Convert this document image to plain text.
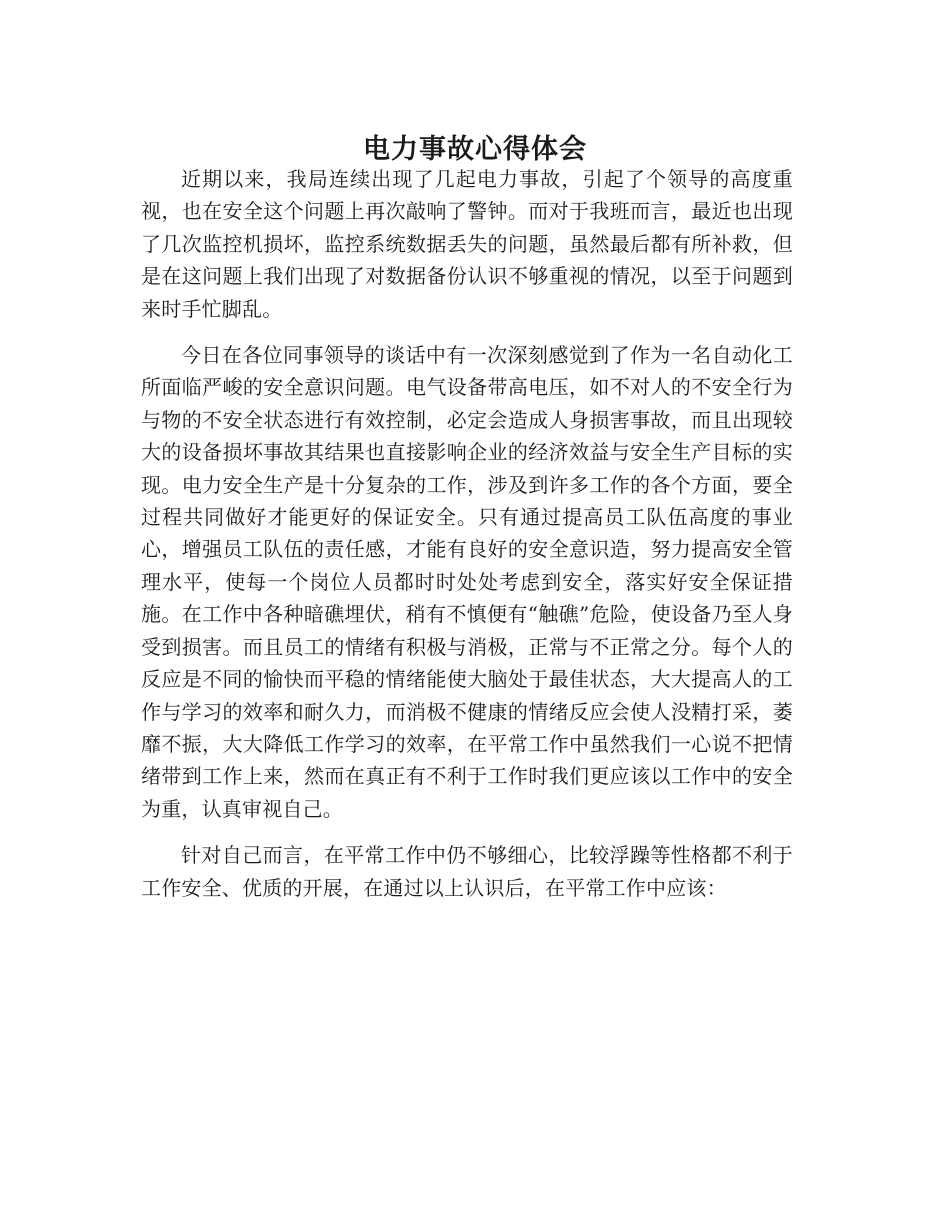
电力事故心得体会

近期以来，我局连续出现了几起电力事故，引起了个领导的高度重视，也在安全这个问题上再次敲响了警钟。而对于我班而言，最近也出现了几次监控机损坏，监控系统数据丢失的问题，虽然最后都有所补救，但是在这问题上我们出现了对数据备份认识不够重视的情况，以至于问题到来时手忙脚乱。

今日在各位同事领导的谈话中有一次深刻感觉到了作为一名自动化工所面临严峻的安全意识问题。电气设备带高电压，如不对人的不安全行为与物的不安全状态进行有效控制，必定会造成人身损害事故，而且出现较大的设备损坏事故其结果也直接影响企业的经济效益与安全生产目标的实现。电力安全生产是十分复杂的工作，涉及到许多工作的各个方面，要全过程共同做好才能更好的保证安全。只有通过提高员工队伍高度的事业心，增强员工队伍的责任感，才能有良好的安全意识造，努力提高安全管理水平，使每一个岗位人员都时时处处考虑到安全，落实好安全保证措施。在工作中各种暗礁埋伏，稍有不慎便有“触礁”危险，使设备乃至人身受到损害。而且员工的情绪有积极与消极，正常与不正常之分。每个人的反应是不同的愉快而平稳的情绪能使大脑处于最佳状态，大大提高人的工作与学习的效率和耐久力，而消极不健康的情绪反应会使人没精打采，萎靡不振，大大降低工作学习的效率，在平常工作中虽然我们一心说不把情绪带到工作上来，然而在真正有不利于工作时我们更应该以工作中的安全为重，认真审视自己。

针对自己而言，在平常工作中仍不够细心，比较浮躁等性格都不利于工作安全、优质的开展，在通过以上认识后，在平常工作中应该：
